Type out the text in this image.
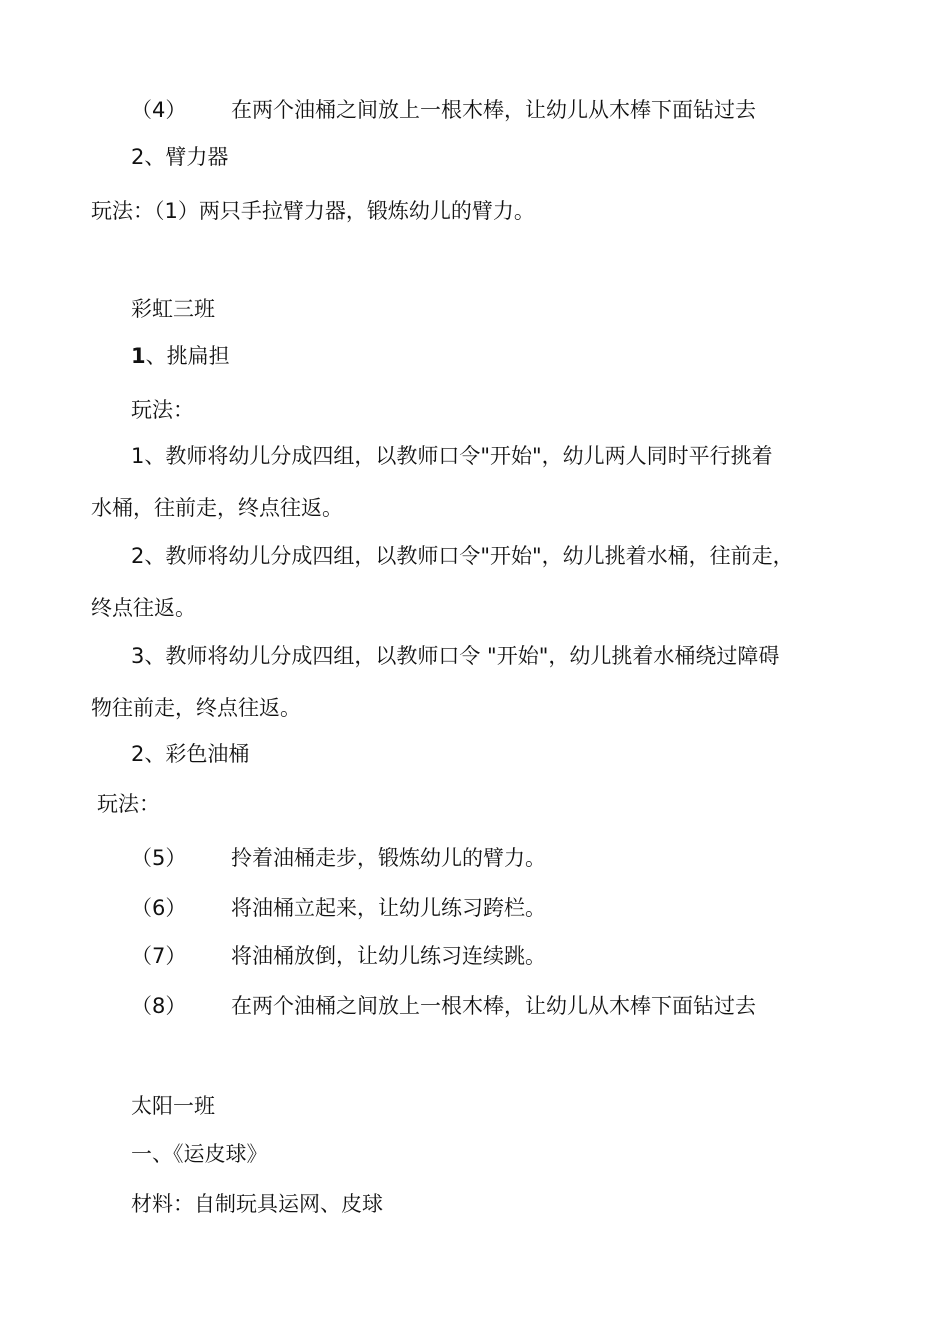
（4） 在两个油桶之间放上一根木棒，让幼儿从木棒下面钻过去
2、臂力器
玩法：（1）两只手拉臂力器，锻炼幼儿的臂力。
彩虹三班
1、挑扁担
玩法：
1、教师将幼儿分成四组，以教师口令"开始"，幼儿两人同时平行挑着
水桶，往前走，终点往返。
2、教师将幼儿分成四组，以教师口令"开始"，幼儿挑着水桶，往前走，
终点往返。
3、教师将幼儿分成四组，以教师口令 "开始"，幼儿挑着水桶绕过障碍
物往前走，终点往返。
2、彩色油桶
玩法：
（5） 拎着油桶走步，锻炼幼儿的臂力。
（6） 将油桶立起来，让幼儿练习跨栏。
（7） 将油桶放倒，让幼儿练习连续跳。
（8） 在两个油桶之间放上一根木棒，让幼儿从木棒下面钻过去
太阳一班
一、《运皮球》
材料：自制玩具运网、皮球
